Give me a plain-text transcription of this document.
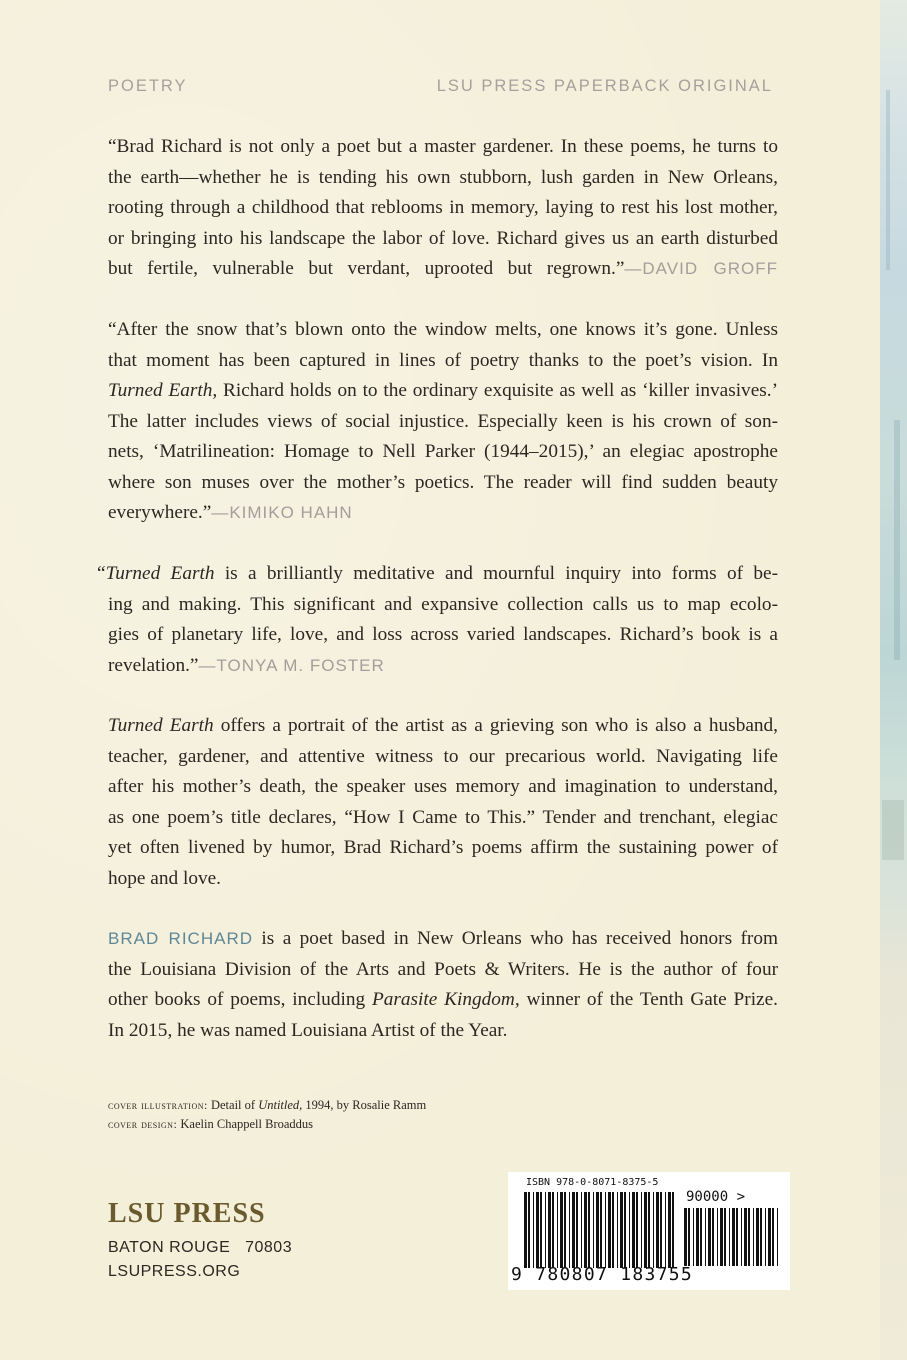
POETRY	LSU PRESS PAPERBACK ORIGINAL
“Brad Richard is not only a poet but a master gardener. In these poems, he turns to
the earth—whether he is tending his own stubborn, lush garden in New Orleans,
rooting through a childhood that reblooms in memory, laying to rest his lost mother,
or bringing into his landscape the labor of love. Richard gives us an earth disturbed
but fertile, vulnerable but verdant, uprooted but regrown.”—DAVID GROFF
“After the snow that’s blown onto the window melts, one knows it’s gone. Unless
that moment has been captured in lines of poetry thanks to the poet’s vision. In
Turned Earth, Richard holds on to the ordinary exquisite as well as ‘killer invasives.’
The latter includes views of social injustice. Especially keen is his crown of son-
nets, ‘Matrilineation: Homage to Nell Parker (1944–2015),’ an elegiac apostrophe
where son muses over the mother’s poetics. The reader will find sudden beauty
everywhere.”—KIMIKO HAHN
“Turned Earth is a brilliantly meditative and mournful inquiry into forms of be-
ing and making. This significant and expansive collection calls us to map ecolo-
gies of planetary life, love, and loss across varied landscapes. Richard’s book is a
revelation.”—TONYA M. FOSTER
Turned Earth offers a portrait of the artist as a grieving son who is also a husband,
teacher, gardener, and attentive witness to our precarious world. Navigating life
after his mother’s death, the speaker uses memory and imagination to understand,
as one poem’s title declares, “How I Came to This.” Tender and trenchant, elegiac
yet often livened by humor, Brad Richard’s poems affirm the sustaining power of
hope and love.
BRAD RICHARD is a poet based in New Orleans who has received honors from
the Louisiana Division of the Arts and Poets & Writers. He is the author of four
other books of poems, including Parasite Kingdom, winner of the Tenth Gate Prize.
In 2015, he was named Louisiana Artist of the Year.
cover illustration: Detail of Untitled, 1994, by Rosalie Ramm
cover design: Kaelin Chappell Broaddus
LSU PRESS
BATON ROUGE   70803
LSUPRESS.ORG
ISBN 978-0-8071-8375-5
90000 >
9 780807 183755
